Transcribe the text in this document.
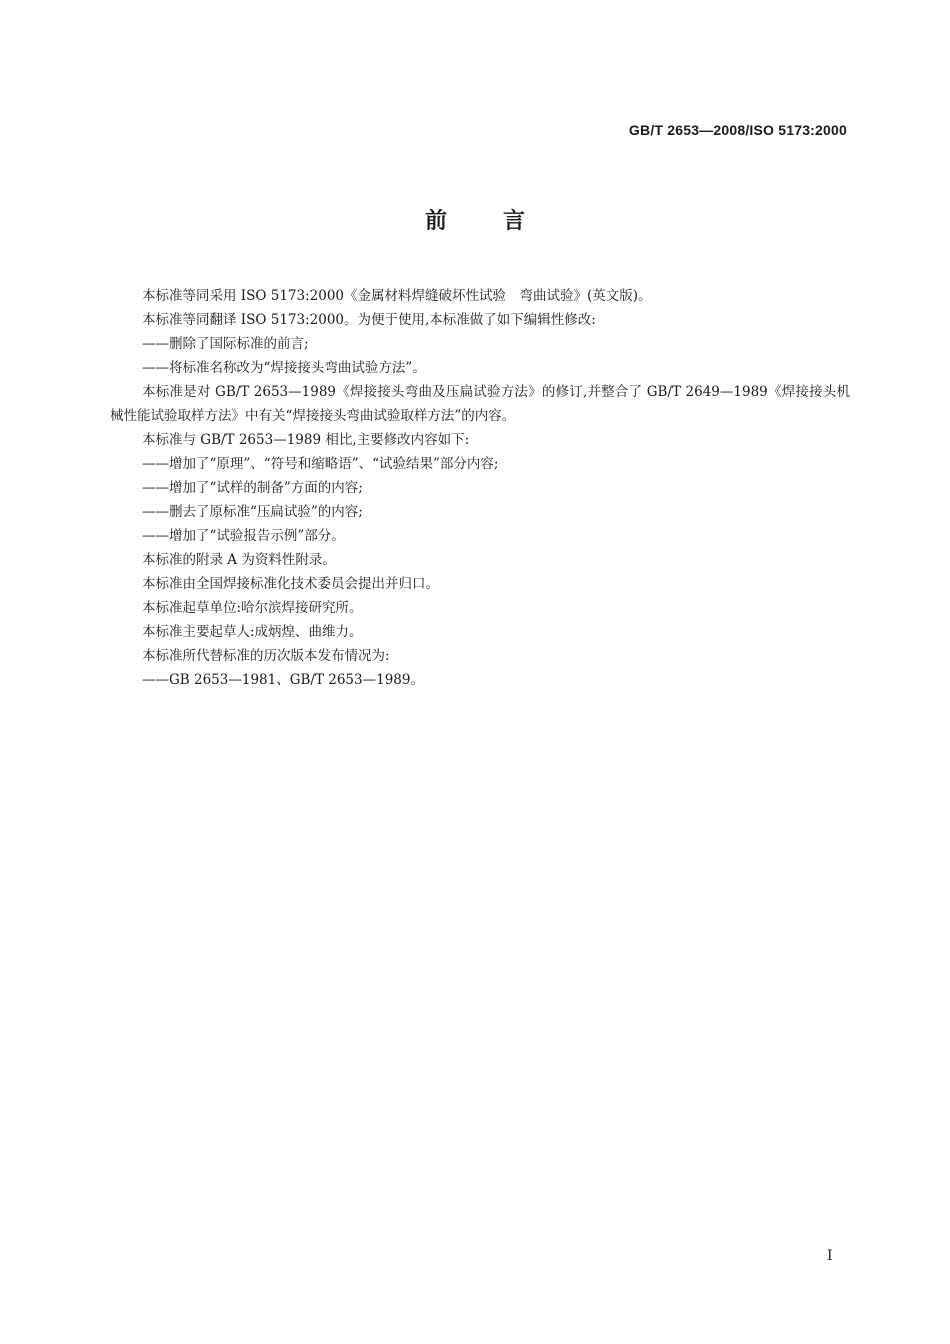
GB/T 2653—2008/ISO 5173:2000
前言

本标准等同采用 ISO 5173:2000《金属材料焊缝破坏性试验　弯曲试验》(英文版)。

本标准等同翻译 ISO 5173:2000。为便于使用,本标准做了如下编辑性修改:

——删除了国际标准的前言;

——将标准名称改为“焊接接头弯曲试验方法”。

本标准是对 GB/T 2653—1989《焊接接头弯曲及压扁试验方法》的修订,并整合了 GB/T 2649—1989《焊接接头机械性能试验取样方法》中有关“焊接接头弯曲试验取样方法”的内容。

本标准与 GB/T 2653—1989 相比,主要修改内容如下:

——增加了“原理”、“符号和缩略语”、“试验结果”部分内容;

——增加了“试样的制备”方面的内容;

——删去了原标准“压扁试验”的内容;

——增加了“试验报告示例”部分。

本标准的附录 A 为资料性附录。

本标准由全国焊接标准化技术委员会提出并归口。

本标准起草单位:哈尔滨焊接研究所。

本标准主要起草人:成炳煌、曲维力。

本标准所代替标准的历次版本发布情况为:

——GB 2653—1981、GB/T 2653—1989。

I
